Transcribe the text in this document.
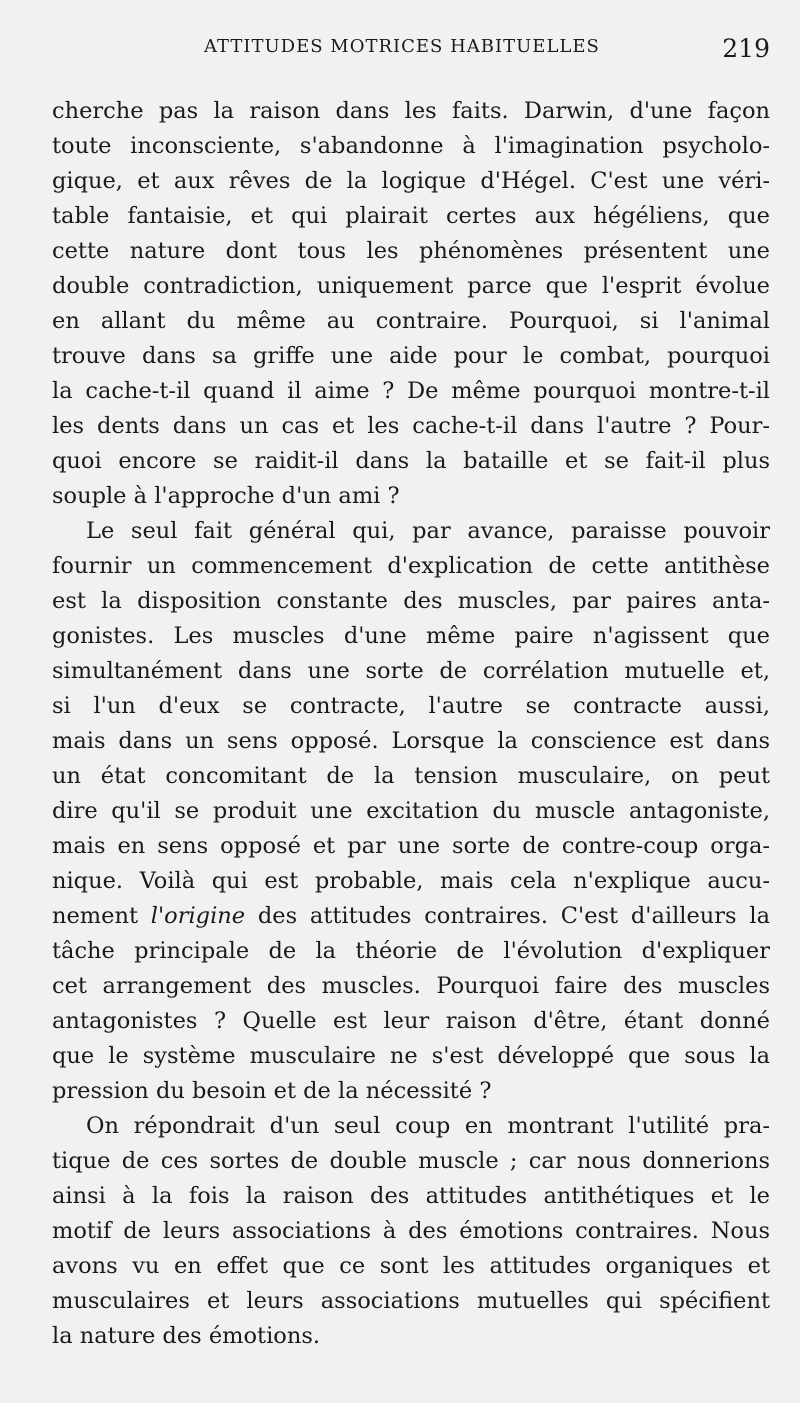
ATTITUDES MOTRICES HABITUELLES	219
cherche pas la raison dans les faits. Darwin, d'une façon
toute inconsciente, s'abandonne à l'imagination psycholo-
gique, et aux rêves de la logique d'Hégel. C'est une véri-
table fantaisie, et qui plairait certes aux hégéliens, que
cette nature dont tous les phénomènes présentent une
double contradiction, uniquement parce que l'esprit évolue
en allant du même au contraire. Pourquoi, si l'animal
trouve dans sa griffe une aide pour le combat, pourquoi
la cache-t-il quand il aime ? De même pourquoi montre-t-il
les dents dans un cas et les cache-t-il dans l'autre ? Pour-
quoi encore se raidit-il dans la bataille et se fait-il plus
souple à l'approche d'un ami ?
Le seul fait général qui, par avance, paraisse pouvoir
fournir un commencement d'explication de cette antithèse
est la disposition constante des muscles, par paires anta-
gonistes. Les muscles d'une même paire n'agissent que
simultanément dans une sorte de corrélation mutuelle et,
si l'un d'eux se contracte, l'autre se contracte aussi,
mais dans un sens opposé. Lorsque la conscience est dans
un état concomitant de la tension musculaire, on peut
dire qu'il se produit une excitation du muscle antagoniste,
mais en sens opposé et par une sorte de contre-coup orga-
nique. Voilà qui est probable, mais cela n'explique aucu-
nement l'origine des attitudes contraires. C'est d'ailleurs la
tâche principale de la théorie de l'évolution d'expliquer
cet arrangement des muscles. Pourquoi faire des muscles
antagonistes ? Quelle est leur raison d'être, étant donné
que le système musculaire ne s'est développé que sous la
pression du besoin et de la nécessité ?
On répondrait d'un seul coup en montrant l'utilité pra-
tique de ces sortes de double muscle ; car nous donnerions
ainsi à la fois la raison des attitudes antithétiques et le
motif de leurs associations à des émotions contraires. Nous
avons vu en effet que ce sont les attitudes organiques et
musculaires et leurs associations mutuelles qui spécifient
la nature des émotions.
